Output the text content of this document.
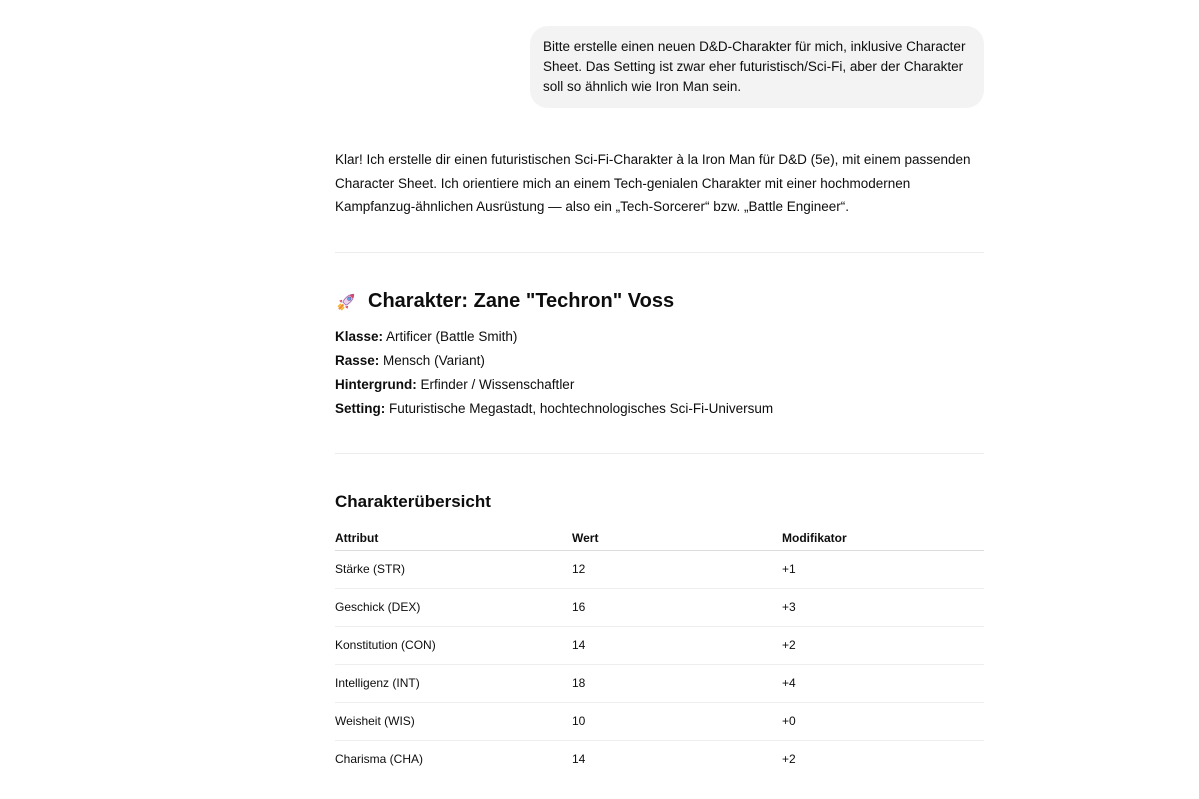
Bitte erstelle einen neuen D&D-Charakter für mich, inklusive Character Sheet. Das Setting ist zwar eher futuristisch/Sci-Fi, aber der Charakter soll so ähnlich wie Iron Man sein.
Klar! Ich erstelle dir einen futuristischen Sci-Fi-Charakter à la Iron Man für D&D (5e), mit einem passenden Character Sheet. Ich orientiere mich an einem Tech-genialen Charakter mit einer hochmodernen Kampfanzug-ähnlichen Ausrüstung — also ein „Tech-Sorcerer“ bzw. „Battle Engineer“.
Charakter: Zane "Techron" Voss
Klasse: Artificer (Battle Smith)
Rasse: Mensch (Variant)
Hintergrund: Erfinder / Wissenschaftler
Setting: Futuristische Megastadt, hochtechnologisches Sci-Fi-Universum
Charakterübersicht
Attribut	Wert	Modifikator
Stärke (STR)	12	+1
Geschick (DEX)	16	+3
Konstitution (CON)	14	+2
Intelligenz (INT)	18	+4
Weisheit (WIS)	10	+0
Charisma (CHA)	14	+2
